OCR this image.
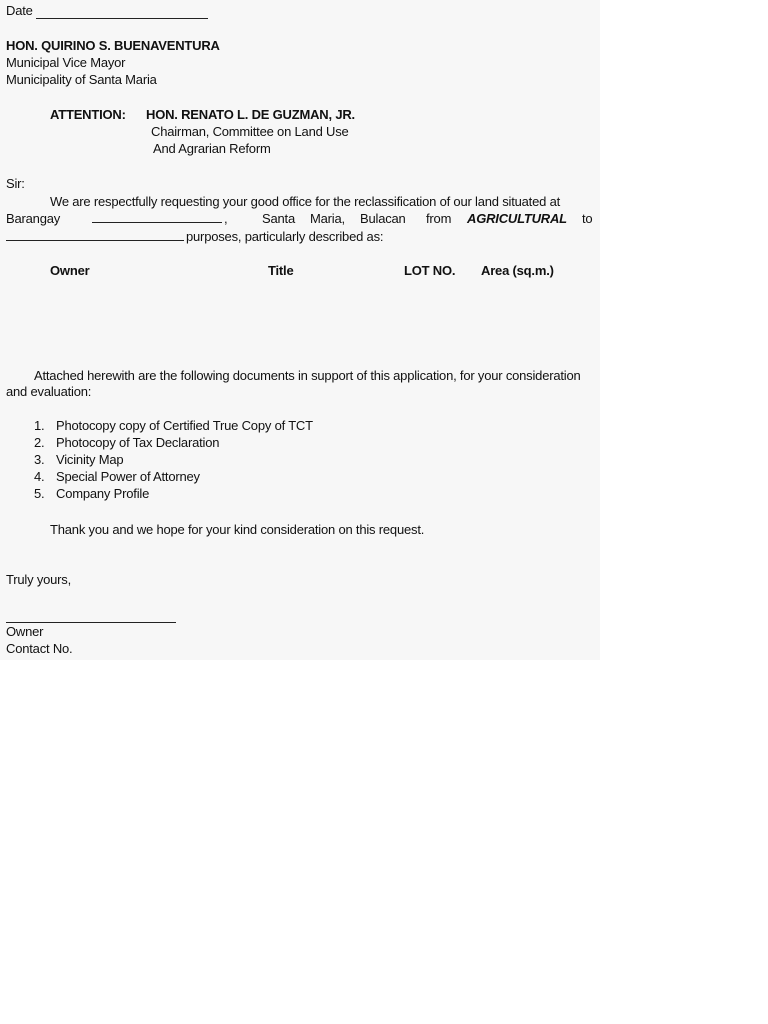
Date
HON. QUIRINO S. BUENAVENTURA
Municipal Vice Mayor
Municipality of Santa Maria
ATTENTION: HON. RENATO L. DE GUZMAN, JR.
Chairman, Committee on Land Use
And Agrarian Reform
Sir:
We are respectfully requesting your good office for the reclassification of our land situated at
Barangay	,	Santa Maria, Bulacan from AGRICULTURAL to
purposes, particularly described as:
Owner	Title	LOT NO. Area (sq.m.)
Attached herewith are the following documents in support of this application, for your consideration
and evaluation:
1. Photocopy copy of Certified True Copy of TCT
2. Photocopy of Tax Declaration
3. Vicinity Map
4. Special Power of Attorney
5. Company Profile
Thank you and we hope for your kind consideration on this request.
Truly yours,
Owner
Contact No.
